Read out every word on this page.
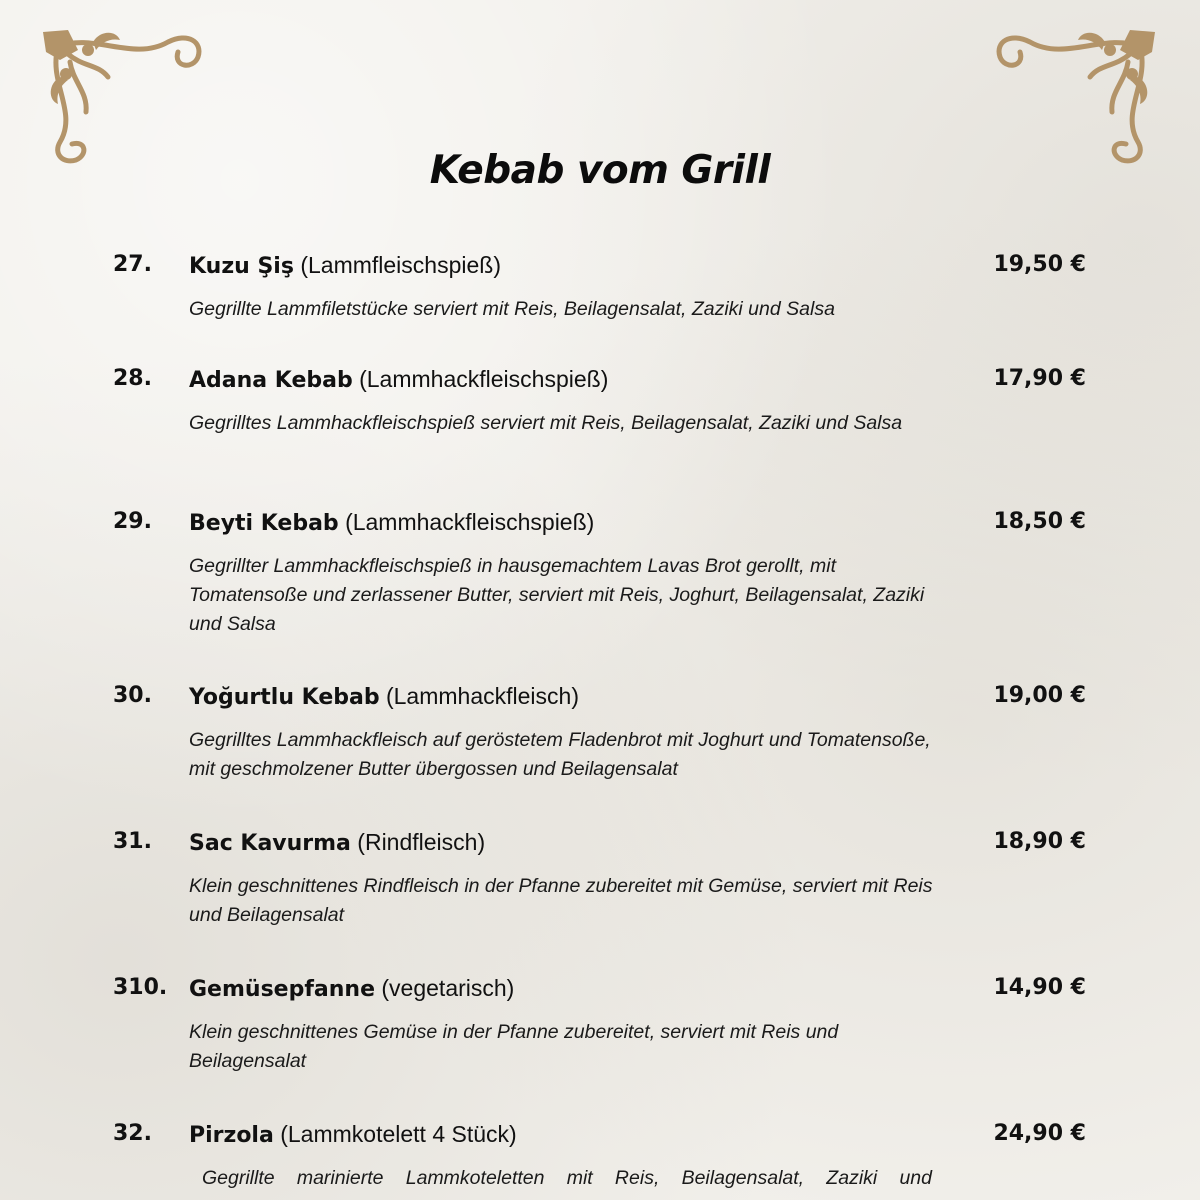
Kebab vom Grill
27. Kuzu Şiş (Lammfleischspieß)	19,50 €
Gegrillte Lammfiletstücke serviert mit Reis, Beilagensalat, Zaziki und Salsa
28. Adana Kebab (Lammhackfleischspieß)	17,90 €
Gegrilltes Lammhackfleischspieß serviert mit Reis, Beilagensalat, Zaziki und Salsa
29. Beyti Kebab (Lammhackfleischspieß)	18,50 €
Gegrillter Lammhackfleischspieß in hausgemachtem Lavas Brot gerollt, mit Tomatensoße und zerlassener Butter, serviert mit Reis, Joghurt, Beilagensalat, Zaziki und Salsa
30. Yoğurtlu Kebab (Lammhackfleisch)	19,00 €
Gegrilltes Lammhackfleisch auf geröstetem Fladenbrot mit Joghurt und Tomatensoße, mit geschmolzener Butter übergossen und Beilagensalat
31. Sac Kavurma (Rindfleisch)	18,90 €
Klein geschnittenes Rindfleisch in der Pfanne zubereitet mit Gemüse, serviert mit Reis und Beilagensalat
310. Gemüsepfanne (vegetarisch)	14,90 €
Klein geschnittenes Gemüse in der Pfanne zubereitet, serviert mit Reis und Beilagensalat
32. Pirzola (Lammkotelett 4 Stück)	24,90 €
Gegrillte marinierte Lammkoteletten mit Reis, Beilagensalat, Zaziki und
